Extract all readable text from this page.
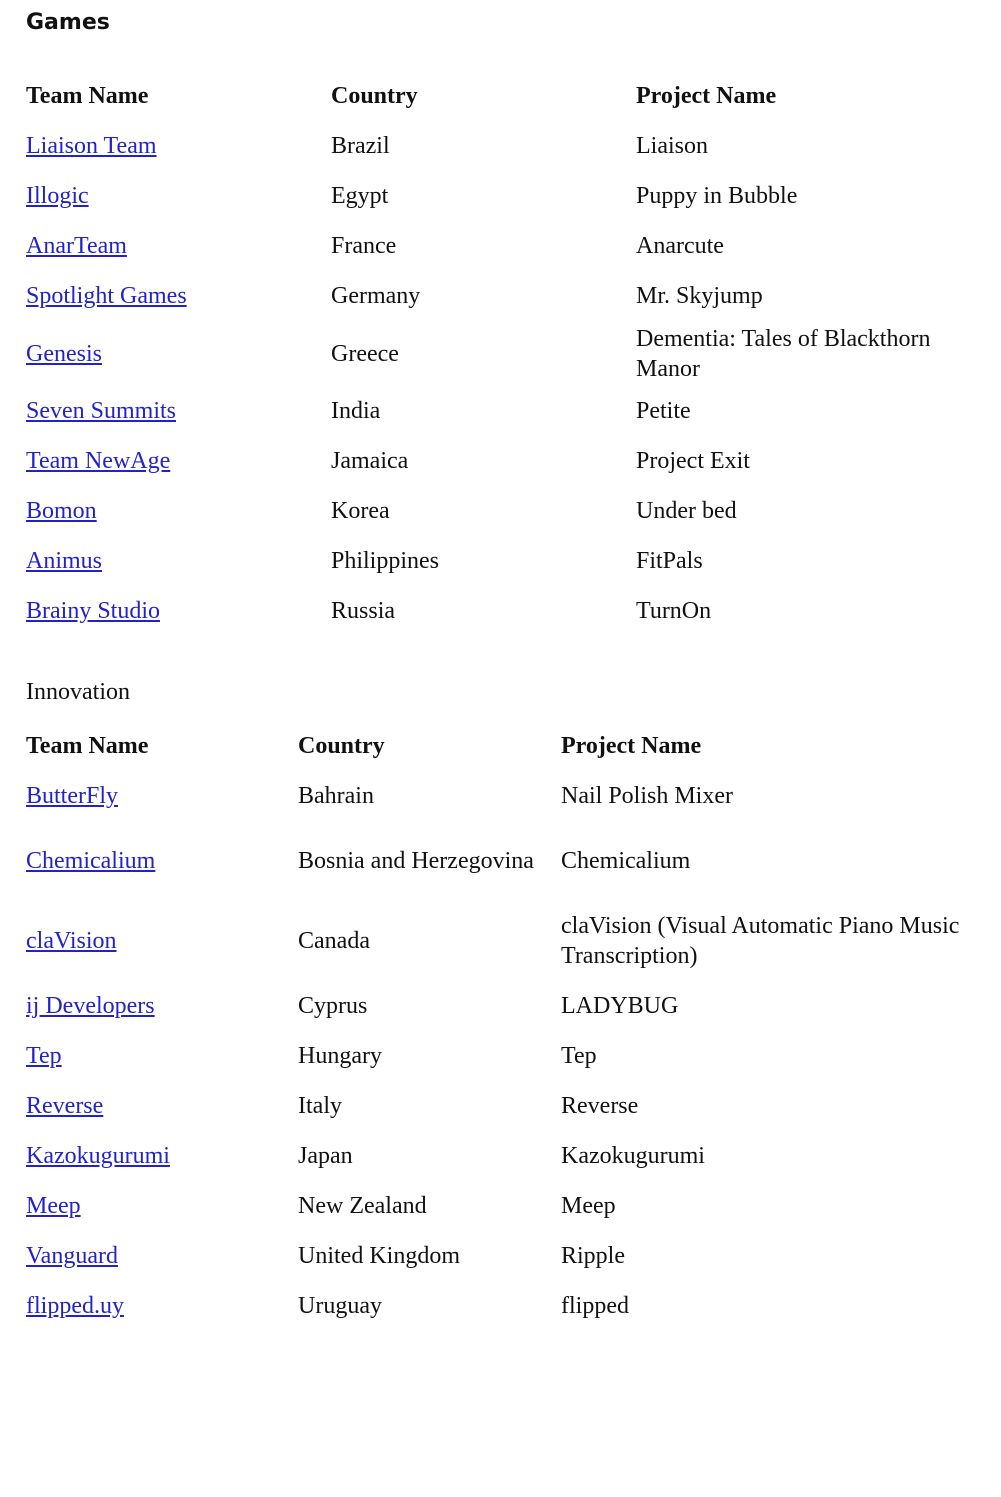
Games
Team Name	Country	Project Name
Liaison Team	Brazil	Liaison
Illogic	Egypt	Puppy in Bubble
AnarTeam	France	Anarcute
Spotlight Games	Germany	Mr. Skyjump
Genesis	Greece	Dementia: Tales of Blackthorn Manor
Seven Summits	India	Petite
Team NewAge	Jamaica	Project Exit
Bomon	Korea	Under bed
Animus	Philippines	FitPals
Brainy Studio	Russia	TurnOn

Innovation

Team Name	Country	Project Name
ButterFly	Bahrain	Nail Polish Mixer
Chemicalium	Bosnia and Herzegovina	Chemicalium
claVision	Canada	claVision (Visual Automatic Piano Music Transcription)
ij Developers	Cyprus	LADYBUG
Tep	Hungary	Tep
Reverse	Italy	Reverse
Kazokugurumi	Japan	Kazokugurumi
Meep	New Zealand	Meep
Vanguard	United Kingdom	Ripple
flipped.uy	Uruguay	flipped
